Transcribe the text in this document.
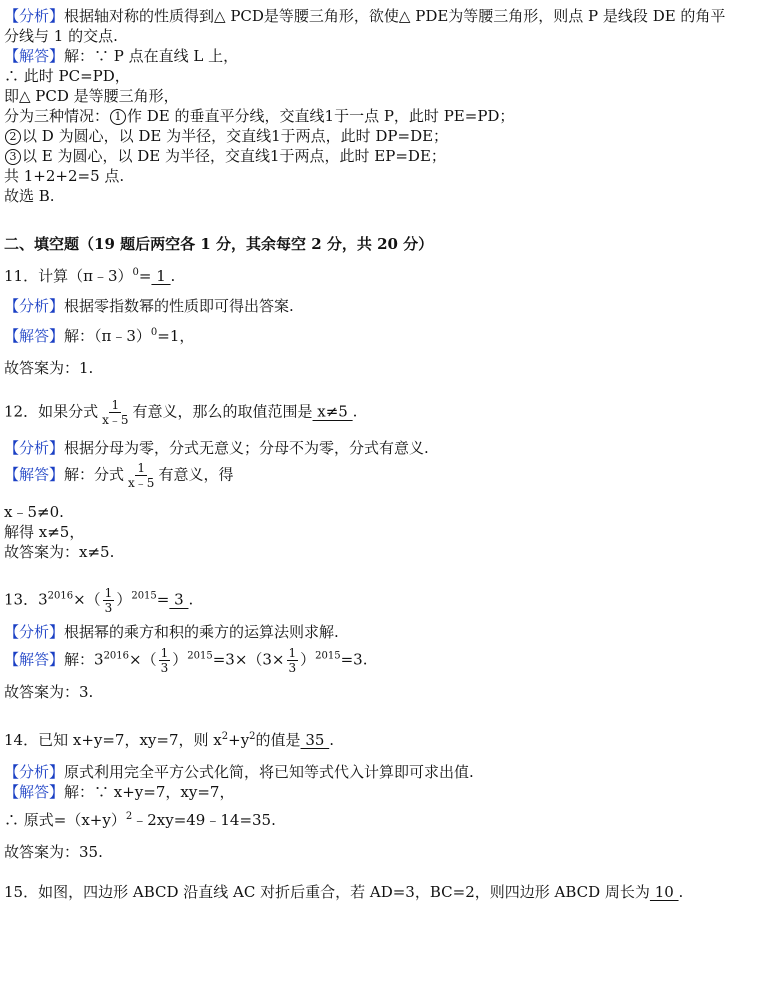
【分析】根据轴对称的性质得到△ PCD是等腰三角形，欲使△ PDE为等腰三角形，则点 P 是线段 DE 的角平
分线与 1 的交点.
【解答】解：∵ P 点在直线 L 上，
∴ 此时 PC=PD，
即△ PCD 是等腰三角形，
分为三种情况： 1 作 DE 的垂直平分线，交直线1于一点 P，此时 PE=PD；
2 以 D 为圆心，以 DE 为半径，交直线1于两点，此时 DP=DE；
3 以 E 为圆心，以 DE 为半径，交直线1于两点，此时 EP=DE；
共 1+2+2=5 点.
故选 B.
二、填空题（19 题后两空各 1 分，其余每空 2 分，共 20 分）
11．计算（π﹣3）$^0$= 1 .
【分析】根据零指数幂的性质即可得出答案.
【解答】解：（π﹣3）$^0$=1，
故答案为：1.
12．如果分式 $\frac{1}{x﹣5}$ 有意义，那么的取值范围是 x≠5 .
【分析】根据分母为零，分式无意义；分母不为零，分式有意义.
【解答】解：分式 $\frac{1}{x﹣5}$ 有意义，得
x﹣5≠0.
解得 x≠5，
故答案为：x≠5.
13．$3^{2016}\times( \frac{1}{3} )^{2015}= 3$ .
【分析】根据幂的乘方和积的乘方的运算法则求解.
【解答】解：$3^{2016}\times( \frac{1}{3} )^{2015}=3\times(3\times \frac{1}{3} )^{2015}=3$.
故答案为：3.
14．已知 x+y=7，xy=7，则 $x^2+y^2$的值是 35 .
【分析】原式利用完全平方公式化简，将已知等式代入计算即可求出值.
【解答】解：∵ x+y=7，xy=7，
∴ 原式$=(x+y)^2﹣2xy=49﹣14=35$.
故答案为：35.
15．如图，四边形 ABCD 沿直线 AC 对折后重合，若 AD=3，BC=2，则四边形 ABCD 周长为 10 .
